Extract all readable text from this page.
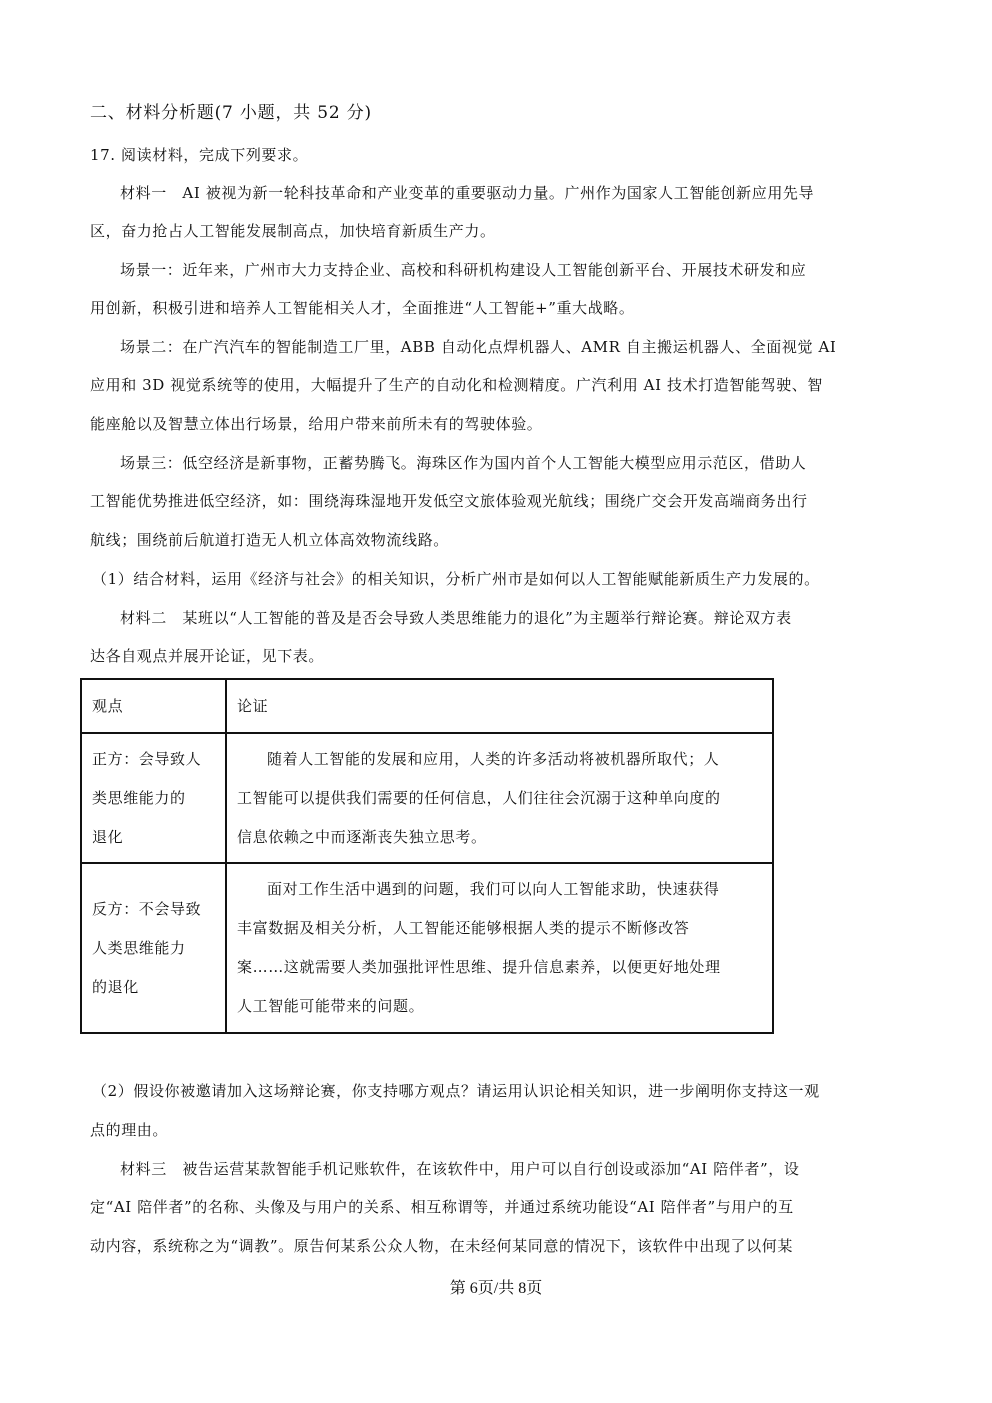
二、材料分析题(7 小题，共 52 分)
17. 阅读材料，完成下列要求。
材料一　AI 被视为新一轮科技革命和产业变革的重要驱动力量。广州作为国家人工智能创新应用先导
区，奋力抢占人工智能发展制高点，加快培育新质生产力。
场景一：近年来，广州市大力支持企业、高校和科研机构建设人工智能创新平台、开展技术研发和应
用创新，积极引进和培养人工智能相关人才，全面推进“人工智能+”重大战略。
场景二：在广汽汽车的智能制造工厂里，ABB 自动化点焊机器人、AMR 自主搬运机器人、全面视觉 AI
应用和 3D 视觉系统等的使用，大幅提升了生产的自动化和检测精度。广汽利用 AI 技术打造智能驾驶、智
能座舱以及智慧立体出行场景，给用户带来前所未有的驾驶体验。
场景三：低空经济是新事物，正蓄势腾飞。海珠区作为国内首个人工智能大模型应用示范区，借助人
工智能优势推进低空经济，如：围绕海珠湿地开发低空文旅体验观光航线；围绕广交会开发高端商务出行
航线；围绕前后航道打造无人机立体高效物流线路。
（1）结合材料，运用《经济与社会》的相关知识，分析广州市是如何以人工智能赋能新质生产力发展的。
材料二　某班以“人工智能的普及是否会导致人类思维能力的退化”为主题举行辩论赛。辩论双方表
达各自观点并展开论证，见下表。
观点	论证

正方：会导致人
类思维能力的
退化	随着人工智能的发展和应用，人类的许多活动将被机器所取代；人
工智能可以提供我们需要的任何信息，人们往往会沉溺于这种单向度的
信息依赖之中而逐渐丧失独立思考。

反方：不会导致
人类思维能力
的退化	面对工作生活中遇到的问题，我们可以向人工智能求助，快速获得
丰富数据及相关分析，人工智能还能够根据人类的提示不断修改答
案……这就需要人类加强批评性思维、提升信息素养，以便更好地处理
人工智能可能带来的问题。
（2）假设你被邀请加入这场辩论赛，你支持哪方观点？请运用认识论相关知识，进一步阐明你支持这一观
点的理由。
材料三　被告运营某款智能手机记账软件，在该软件中，用户可以自行创设或添加“AI 陪伴者”，设
定“AI 陪伴者”的名称、头像及与用户的关系、相互称谓等，并通过系统功能设“AI 陪伴者”与用户的互
动内容，系统称之为“调教”。原告何某系公众人物，在未经何某同意的情况下，该软件中出现了以何某
第 6页/共 8页
